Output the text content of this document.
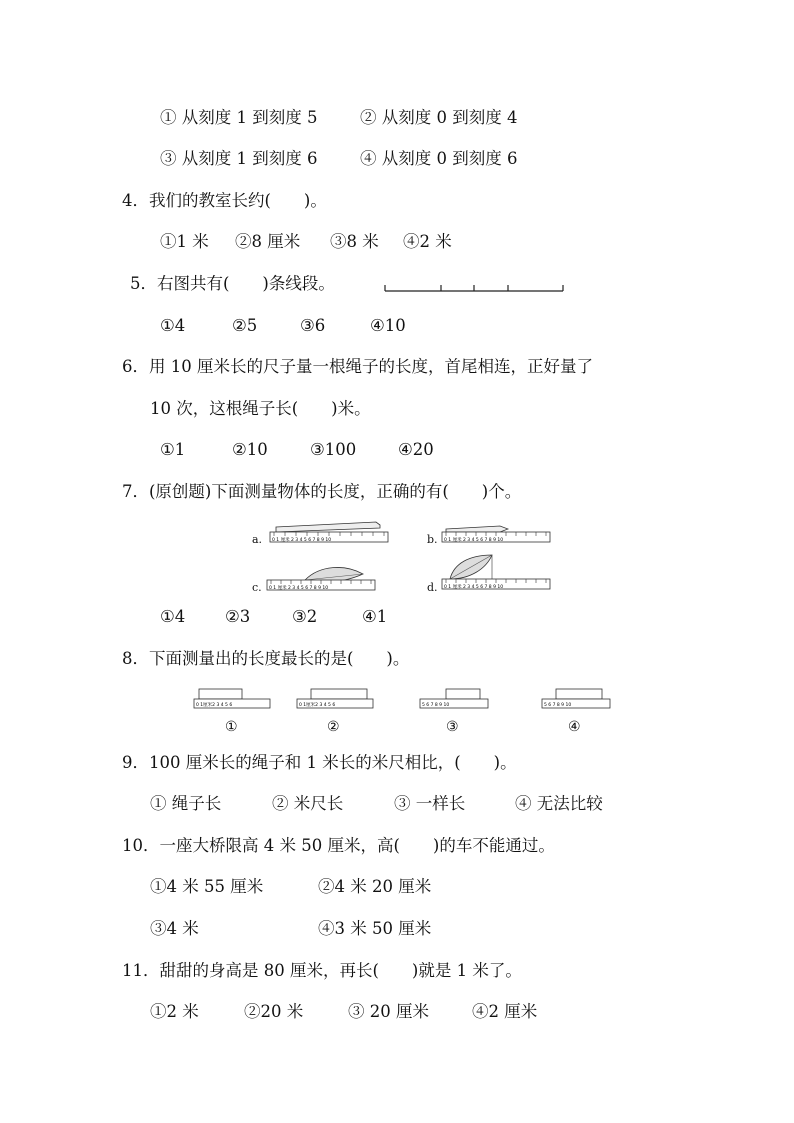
① 从刻度 1 到刻度 5	② 从刻度 0 到刻度 4
③ 从刻度 1 到刻度 6	④ 从刻度 0 到刻度 6
4．我们的教室长约(　　)。
①1 米 ②8 厘米 ③8 米 ④2 米
5．右图共有(　　)条线段。
①4	②5	③6	④10
6．用 10 厘米长的尺子量一根绳子的长度，首尾相连，正好量了
10 次，这根绳子长(　　)米。
①1	②10	③100	④20
7．(原创题)下面测量物体的长度，正确的有(　　)个。
a. 0 1 厘米 2 3 4 5 6 7 8 9 10	b. 0 1 厘米 2 3 4 5 6 7 8 9 10
c. 0 1 厘米 2 3 4 5 6 7 8 9 10	d. 0 1 厘米 2 3 4 5 6 7 8 9 10
①4 ②3	③2	④1
8．下面测量出的长度最长的是(　　)。
0 1厘米2 3 4 5 6
①
0 1厘米2 3 4 5 6
②
5 6 7 8 9 10
③
5 6 7 8 9 10
④
9．100 厘米长的绳子和 1 米长的米尺相比，(　　)。
① 绳子长	② 米尺长	③ 一样长	④ 无法比较
10．一座大桥限高 4 米 50 厘米，高(　　)的车不能通过。
①4 米 55 厘米	②4 米 20 厘米
③4 米	④3 米 50 厘米
11．甜甜的身高是 80 厘米，再长(　　)就是 1 米了。
①2 米	②20 米	③ 20 厘米	④2 厘米
